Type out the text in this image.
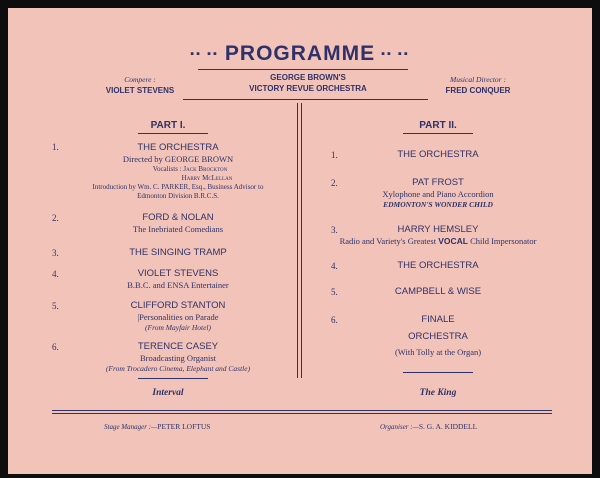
▪▪ ▪▪ PROGRAMME ▪▪ ▪▪
Compere :
VIOLET STEVENS
GEORGE BROWN'S
VICTORY REVUE ORCHESTRA
Musical Director :
FRED CONQUER
PART I.
1.	THE ORCHESTRA
Directed by GEORGE BROWN
Vocalists : Jack Brockton
Harry McLellan
Introduction by Wm. C. PARKER, Esq., Business Advisor to
Edmonton Division B.R.C.S.
2.	FORD & NOLAN
The Inebriated Comedians
3.	THE SINGING TRAMP
4.	VIOLET STEVENS
B.B.C. and ENSA Entertainer
5.	CLIFFORD STANTON
|Personalities on Parade
(From Mayfair Hotel)
6.	TERENCE CASEY
Broadcasting Organist
(From Trocadero Cinema, Elephant and Castle)
Interval
PART II.
1.	THE ORCHESTRA
2.	PAT FROST
Xylophone and Piano Accordion
EDMONTON'S WONDER CHILD
3.	HARRY HEMSLEY
Radio and Variety's Greatest VOCAL Child Impersonator
4.	THE ORCHESTRA
5.	CAMPBELL & WISE
6.	FINALE
ORCHESTRA
(With Tolly at the Organ)
The King
Stage Manager :—PETER LOFTUS	Organiser :—S. G. A. KIDDELL
